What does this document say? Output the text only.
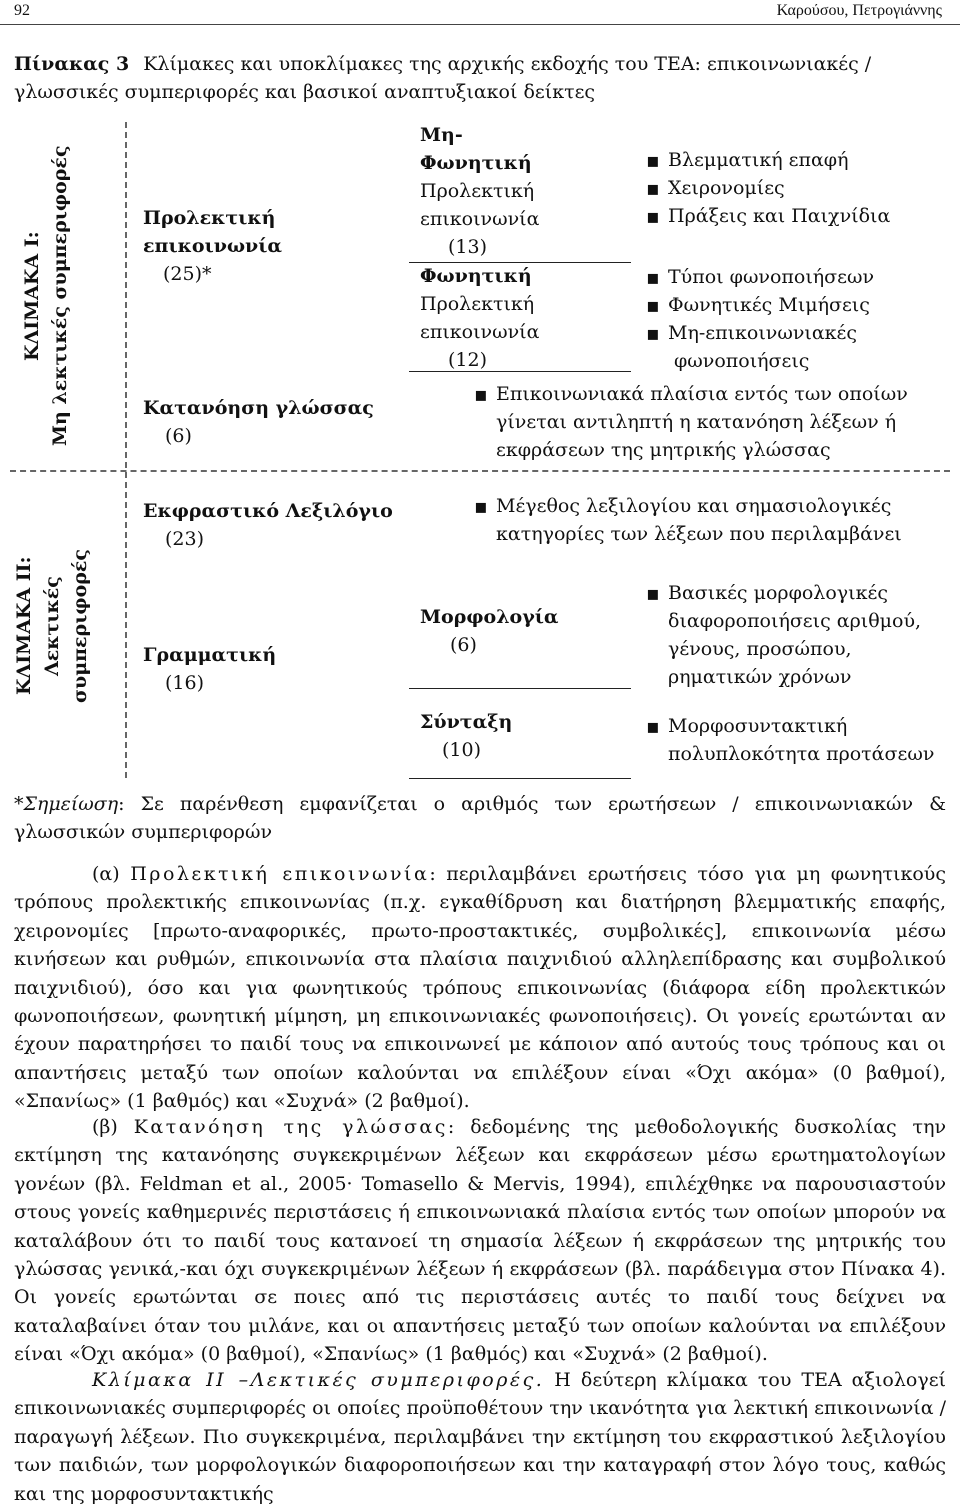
92	Καρούσου, Πετρογιάννης
Πίνακας 3 Κλίμακες και υποκλίμακες της αρχικής εκδοχής του ΤΕΑ: επικοινωνιακές / γλωσσικές συμπεριφορές και βασικοί αναπτυξιακοί δείκτες
ΚΛΙΜΑΚΑ Ι: Μη λεκτικές συμπεριφορές
ΚΛΙΜΑΚΑ ΙΙ: Λεκτικές συμπεριφορές
Προλεκτική
επικοινωνία
(25)*
Κατανόηση γλώσσας
(6)
Εκφραστικό Λεξιλόγιο
(23)
Γραμματική
(16)
Μη-
Φωνητική
Προλεκτική
επικοινωνία
(13)
Φωνητική
Προλεκτική
επικοινωνία
(12)
Μορφολογία
(6)
Σύνταξη
(10)
▪ Βλεμματική επαφή
▪ Χειρονομίες
▪ Πράξεις και Παιχνίδια
▪ Τύποι φωνοποιήσεων
▪ Φωνητικές Μιμήσεις
▪ Μη-επικοινωνιακές
φωνοποιήσεις
▪ Επικοινωνιακά πλαίσια εντός των οποίων
γίνεται αντιληπτή η κατανόηση λέξεων ή
εκφράσεων της μητρικής γλώσσας
▪ Μέγεθος λεξιλογίου και σημασιολογικές
κατηγορίες των λέξεων που περιλαμβάνει
▪ Βασικές μορφολογικές
διαφοροποιήσεις αριθμού,
γένους, προσώπου,
ρηματικών χρόνων
▪ Μορφοσυντακτική
πολυπλοκότητα προτάσεων
*Σημείωση: Σε παρένθεση εμφανίζεται ο αριθμός των ερωτήσεων / επικοινωνιακών & γλωσσικών συμπεριφορών
(α) Προλεκτική επικοινωνία: περιλαμβάνει ερωτήσεις τόσο για μη φωνητικούς τρόπους προλεκτικής επικοινωνίας (π.χ. εγκαθίδρυση και διατήρηση βλεμματικής επαφής, χειρονομίες [πρωτο-αναφορικές, πρωτο-προστακτικές, συμβολικές], επικοινωνία μέσω κινήσεων και ρυθμών, επικοινωνία στα πλαίσια παιχνιδιού αλληλεπίδρασης και συμβολικού παιχνιδιού), όσο και για φωνητικούς τρόπους επικοινωνίας (διάφορα είδη προλεκτικών φωνοποιήσεων, φωνητική μίμηση, μη επικοινωνιακές φωνοποιήσεις). Οι γονείς ερωτώνται αν έχουν παρατηρήσει το παιδί τους να επικοινωνεί με κάποιον από αυτούς τους τρόπους και οι απαντήσεις μεταξύ των οποίων καλούνται να επιλέξουν είναι «Όχι ακόμα» (0 βαθμοί), «Σπανίως» (1 βαθμός) και «Συχνά» (2 βαθμοί).
(β) Κατανόηση της γλώσσας: δεδομένης της μεθοδολογικής δυσκολίας την εκτίμηση της κατανόησης συγκεκριμένων λέξεων και εκφράσεων μέσω ερωτηματολογίων γονέων (βλ. Feldman et al., 2005· Tomasello & Mervis, 1994), επιλέχθηκε να παρουσιαστούν στους γονείς καθημερινές περιστάσεις ή επικοινωνιακά πλαίσια εντός των οποίων μπορούν να καταλάβουν ότι το παιδί τους κατανοεί τη σημασία λέξεων ή εκφράσεων της μητρικής του γλώσσας γενικά,-και όχι συγκεκριμένων λέξεων ή εκφράσεων (βλ. παράδειγμα στον Πίνακα 4). Οι γονείς ερωτώνται σε ποιες από τις περιστάσεις αυτές το παιδί τους δείχνει να καταλαβαίνει όταν του μιλάνε, και οι απαντήσεις μεταξύ των οποίων καλούνται να επιλέξουν είναι «Όχι ακόμα» (0 βαθμοί), «Σπανίως» (1 βαθμός) και «Συχνά» (2 βαθμοί).
Κλίμακα ΙΙ –Λεκτικές συμπεριφορές. Η δεύτερη κλίμακα του ΤΕΑ αξιολογεί επικοινωνιακές συμπεριφορές οι οποίες προϋποθέτουν την ικανότητα για λεκτική επικοινωνία / παραγωγή λέξεων. Πιο συγκεκριμένα, περιλαμβάνει την εκτίμηση του εκφραστικού λεξιλογίου των παιδιών, των μορφολογικών διαφοροποιήσεων και την καταγραφή στον λόγο τους, καθώς και της μορφοσυντακτικής
